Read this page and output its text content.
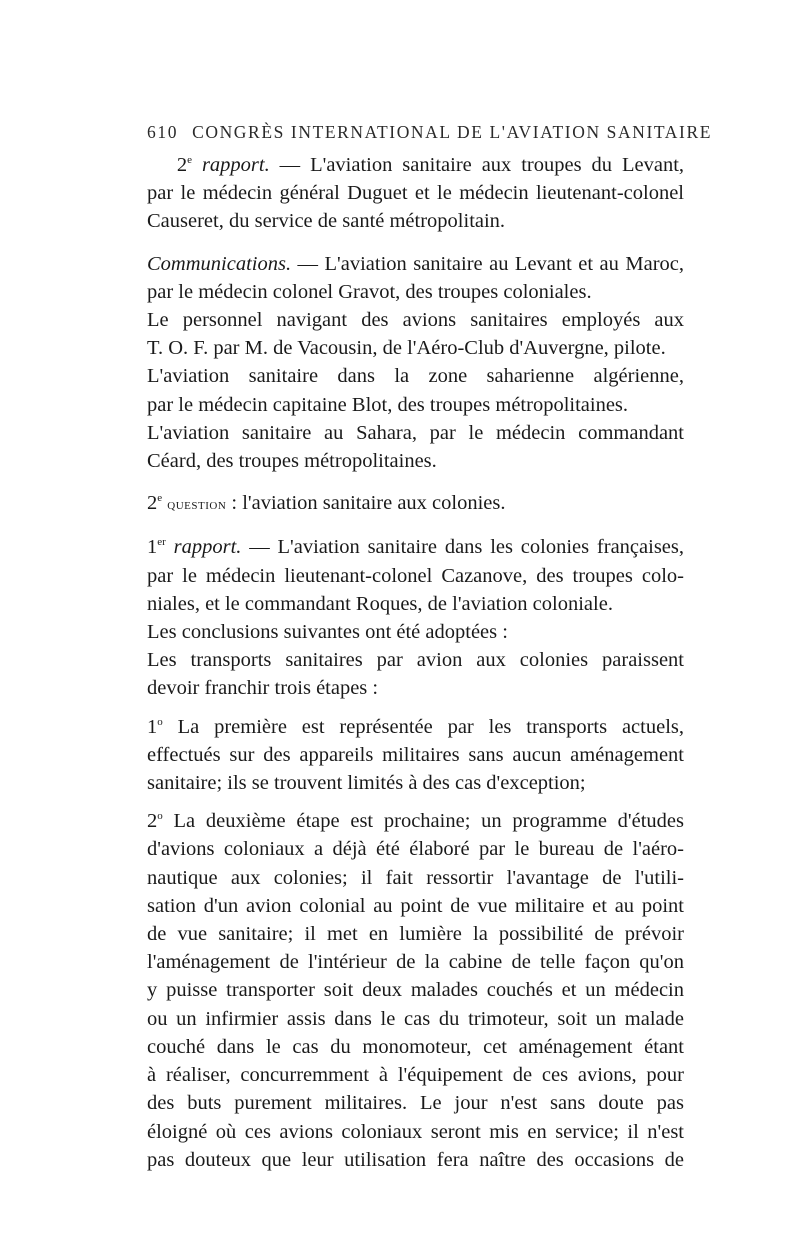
610 CONGRÈS INTERNATIONAL DE L'AVIATION SANITAIRE
2e rapport. — L'aviation sanitaire aux troupes du Levant,
par le médecin général Duguet et le médecin lieutenant-colonel
Causeret, du service de santé métropolitain.
Communications. — L'aviation sanitaire au Levant et au Maroc,
par le médecin colonel Gravot, des troupes coloniales.
Le personnel navigant des avions sanitaires employés aux
T. O. F. par M. de Vacousin, de l'Aéro-Club d'Auvergne, pilote.
L'aviation sanitaire dans la zone saharienne algérienne,
par le médecin capitaine Blot, des troupes métropolitaines.
L'aviation sanitaire au Sahara, par le médecin commandant
Céard, des troupes métropolitaines.
2e question : l'aviation sanitaire aux colonies.
1er rapport. — L'aviation sanitaire dans les colonies françaises,
par le médecin lieutenant-colonel Cazanove, des troupes colo-
niales, et le commandant Roques, de l'aviation coloniale.
Les conclusions suivantes ont été adoptées :
Les transports sanitaires par avion aux colonies paraissent
devoir franchir trois étapes :
1$^o$ La première est représentée par les transports actuels,
effectués sur des appareils militaires sans aucun aménagement
sanitaire; ils se trouvent limités à des cas d'exception;
2$^o$ La deuxième étape est prochaine; un programme d'études
d'avions coloniaux a déjà été élaboré par le bureau de l'aéro-
nautique aux colonies; il fait ressortir l'avantage de l'utili-
sation d'un avion colonial au point de vue militaire et au point
de vue sanitaire; il met en lumière la possibilité de prévoir
l'aménagement de l'intérieur de la cabine de telle façon qu'on
y puisse transporter soit deux malades couchés et un médecin
ou un infirmier assis dans le cas du trimoteur, soit un malade
couché dans le cas du monomoteur, cet aménagement étant
à réaliser, concurremment à l'équipement de ces avions, pour
des buts purement militaires. Le jour n'est sans doute pas
éloigné où ces avions coloniaux seront mis en service; il n'est
pas douteux que leur utilisation fera naître des occasions de
